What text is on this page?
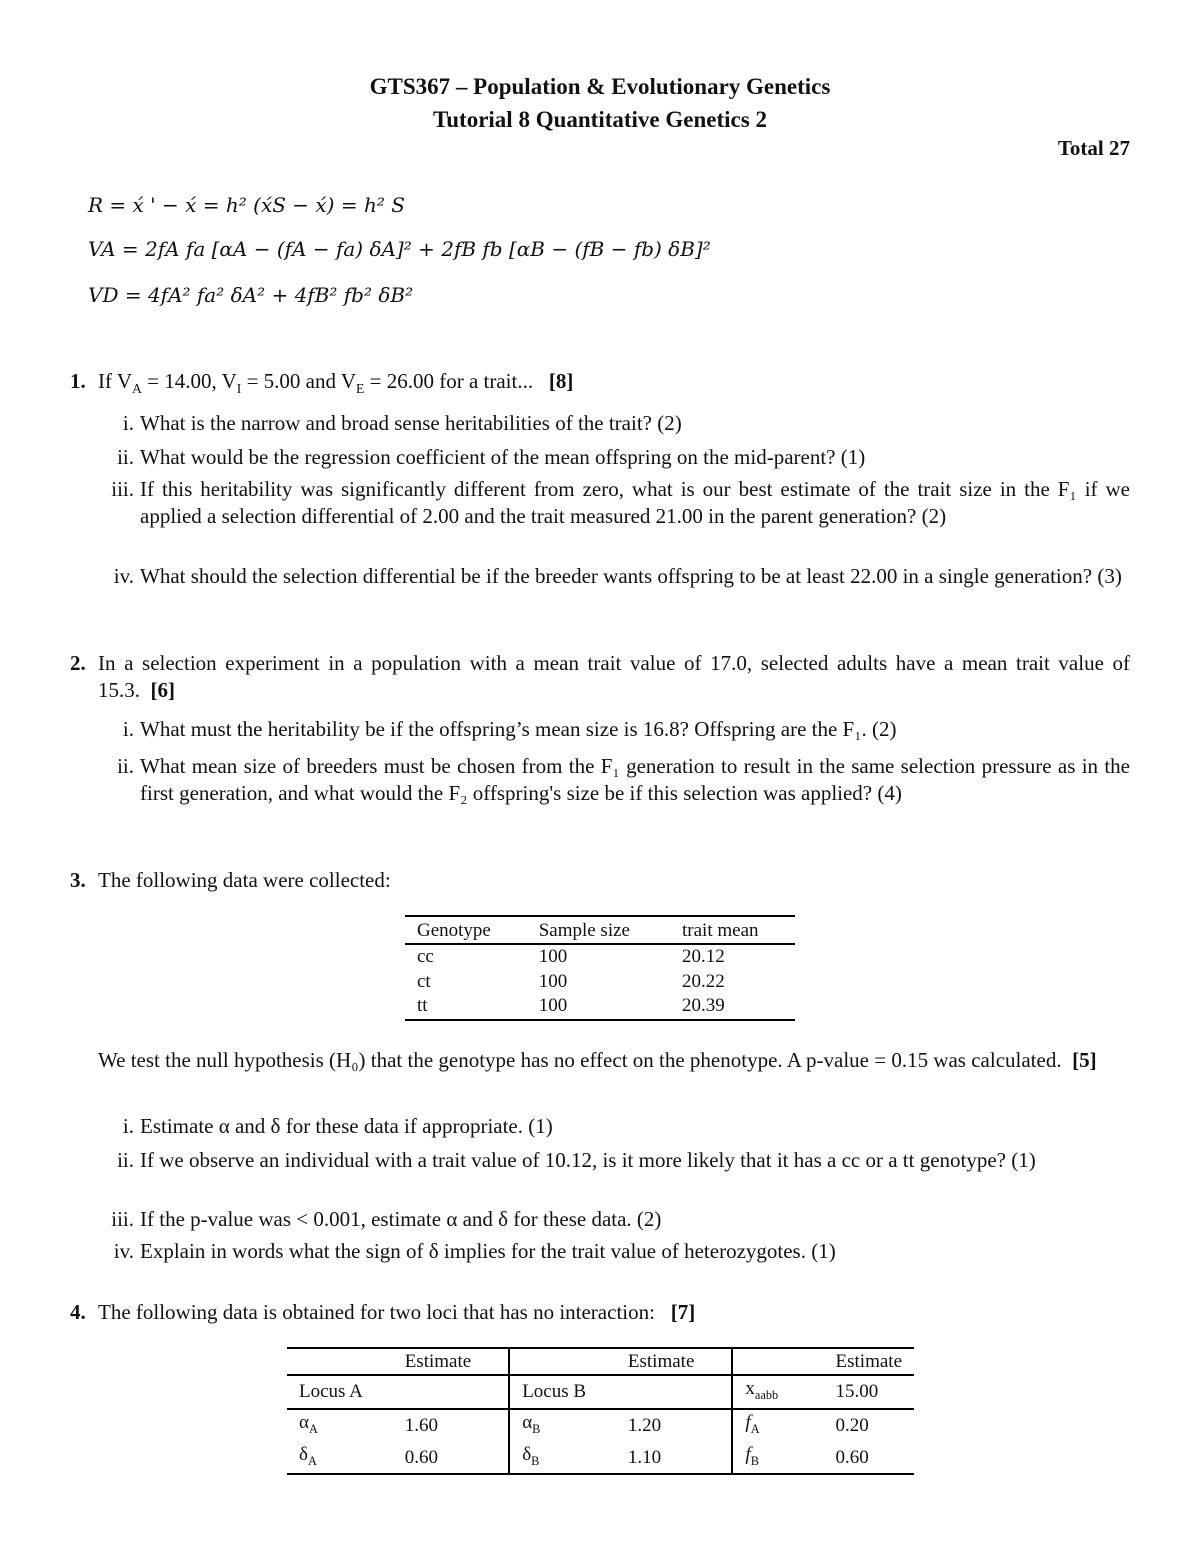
GTS367 – Population & Evolutionary Genetics
Tutorial 8 Quantitative Genetics 2
Total 27
R = x́ ' − x́ = h² (x́S − x́) = h² S
VA = 2fA fa [αA − (fA − fa) δA]² + 2fB fb [αB − (fB − fb) δB]²
VD = 4fA² fa² δA² + 4fB² fb² δB²
1. If $V_A = 14.00$, $V_I = 5.00$ and $V_E = 26.00$ for a trait... [8]
i. What is the narrow and broad sense heritabilities of the trait? (2)
ii. What would be the regression coefficient of the mean offspring on the mid-parent? (1)
iii. If this heritability was significantly different from zero, what is our best estimate of the trait size in the F₁ if we applied a selection differential of 2.00 and the trait measured 21.00 in the parent generation? (2)
iv. What should the selection differential be if the breeder wants offspring to be at least 22.00 in a single generation? (3)
2. In a selection experiment in a population with a mean trait value of 17.0, selected adults have a mean trait value of 15.3. [6]
i. What must the heritability be if the offspring’s mean size is 16.8? Offspring are the F₁. (2)
ii. What mean size of breeders must be chosen from the F₁ generation to result in the same selection pressure as in the first generation, and what would the F₂ offspring's size be if this selection was applied? (4)
3. The following data were collected:
Genotype	Sample size	trait mean
cc	100	20.12
ct	100	20.22
tt	100	20.39
We test the null hypothesis (H₀) that the genotype has no effect on the phenotype. A p-value = 0.15 was calculated. [5]
i. Estimate α and δ for these data if appropriate. (1)
ii. If we observe an individual with a trait value of 10.12, is it more likely that it has a cc or a tt genotype? (1)
iii. If the p-value was < 0.001, estimate α and δ for these data. (2)
iv. Explain in words what the sign of δ implies for the trait value of heterozygotes. (1)
4. The following data is obtained for two loci that has no interaction: [7]
	Estimate		Estimate		Estimate
Locus A		Locus B		$x_{aabb}$	15.00
$\alpha_A$	1.60	$\alpha_B$	1.20	$f_A$	0.20
$\delta_A$	0.60	$\delta_B$	1.10	$f_B$	0.60
